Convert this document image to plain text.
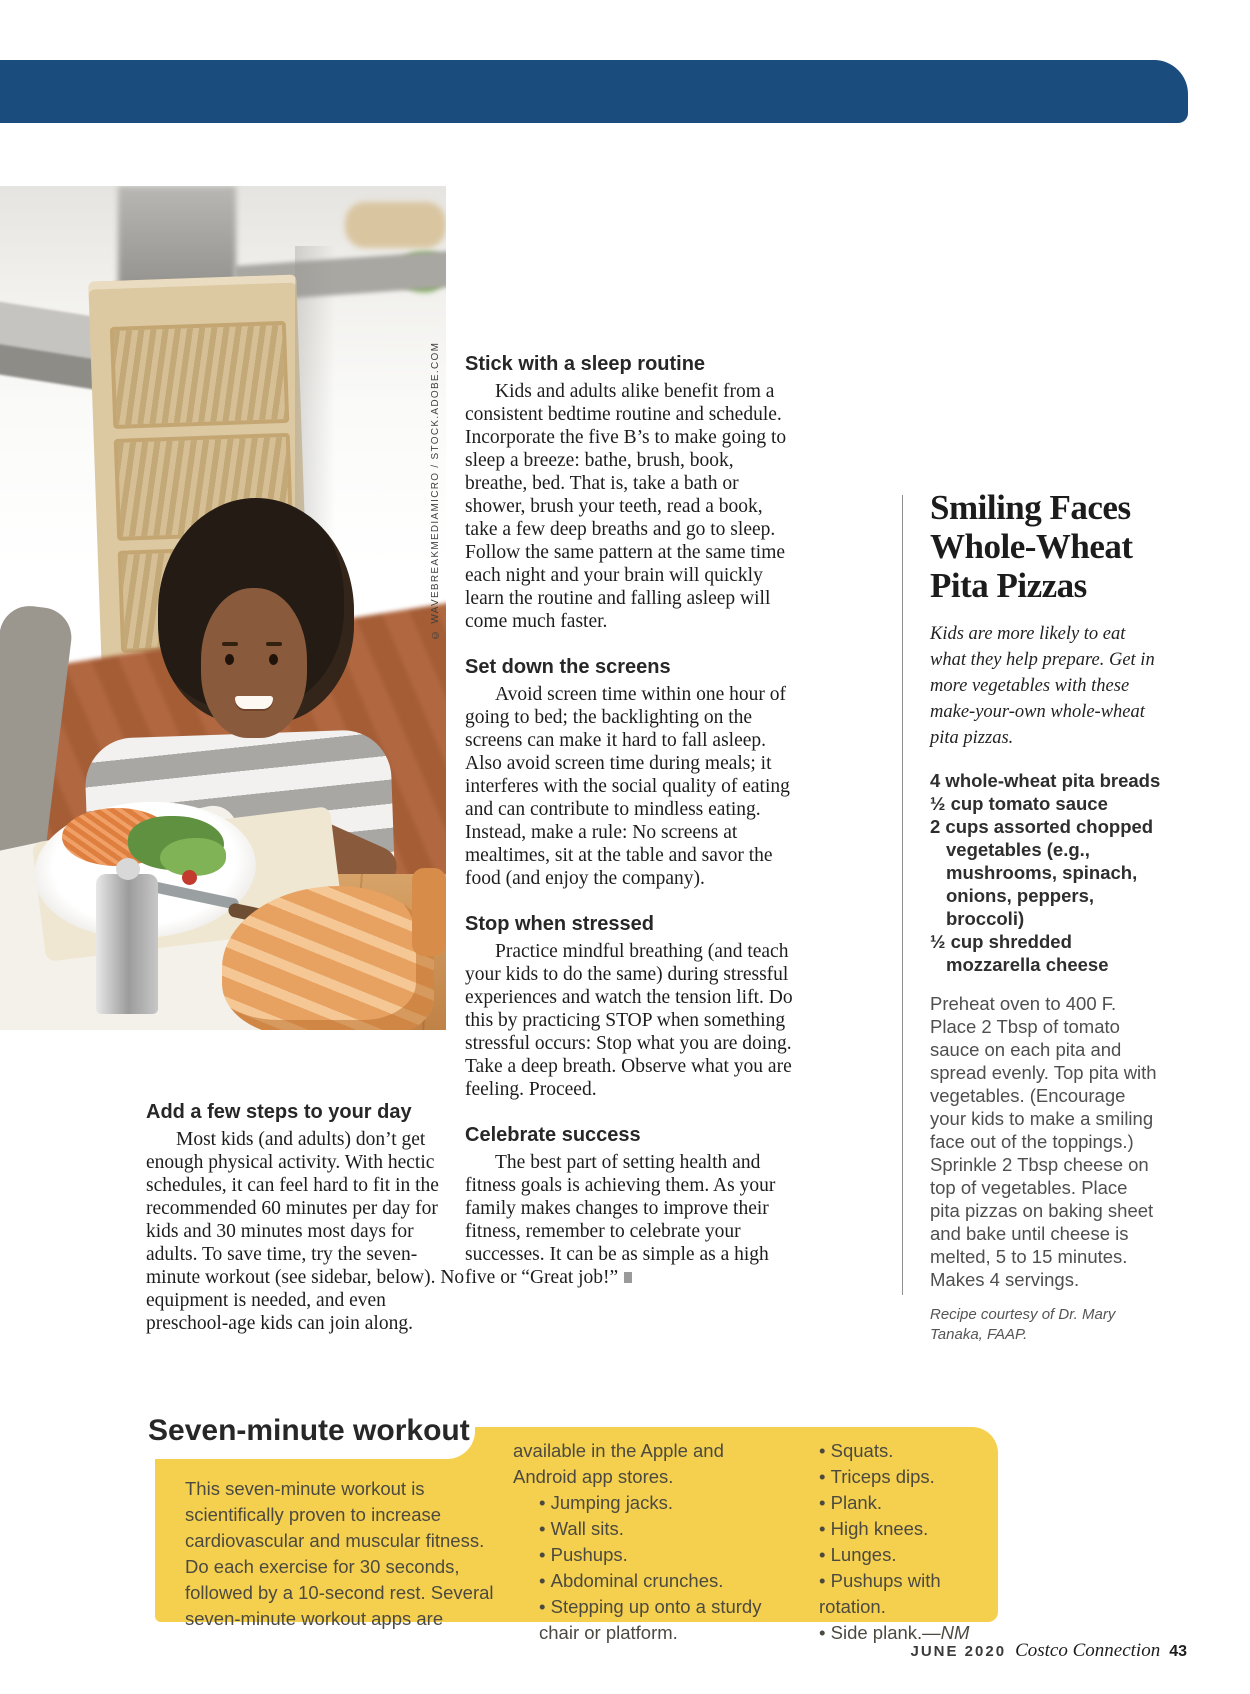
© WAVEBREAKMEDIAMICRO / STOCK.ADOBE.COM Stick with a sleep routine

Kids and adults alike benefit from a consistent bedtime routine and schedule. Incorporate the five B’s to make going to sleep a breeze: bathe, brush, book, breathe, bed. That is, take a bath or shower, brush your teeth, read a book, take a few deep breaths and go to sleep. Follow the same pattern at the same time each night and your brain will quickly learn the routine and falling asleep will come much faster.

Set down the screens

Avoid screen time within one hour of going to bed; the backlighting on the screens can make it hard to fall asleep. Also avoid screen time during meals; it interferes with the social quality of eating and can contribute to mindless eating. Instead, make a rule: No screens at mealtimes, sit at the table and savor the food (and enjoy the company).

Stop when stressed

Practice mindful breathing (and teach your kids to do the same) during stressful experiences and watch the tension lift. Do this by practicing STOP when something stressful occurs: Stop what you are doing. Take a deep breath. Observe what you are feeling. Proceed.

Celebrate success

The best part of setting health and fitness goals is achieving them. As your family makes changes to improve their fitness, remember to celebrate your successes. It can be as simple as a high five or “Great job!”

Add a few steps to your day

Most kids (and adults) don’t get enough physical activity. With hectic schedules, it can feel hard to fit in the recommended 60 minutes per day for kids and 30 minutes most days for adults. To save time, try the seven-minute workout (see sidebar, below). No equipment is needed, and even preschool-age kids can join along.

Smiling Faces Whole-Wheat Pita Pizzas

Kids are more likely to eat what they help prepare. Get in more vegetables with these make-your-own whole-wheat pita pizzas.

4 whole-wheat pita breads
½ cup tomato sauce
2 cups assorted chopped vegetables (e.g., mushrooms, spinach, onions, peppers, broccoli)
½ cup shredded mozzarella cheese

Preheat oven to 400 F. Place 2 Tbsp of tomato sauce on each pita and spread evenly. Top pita with vegetables. (Encourage your kids to make a smiling face out of the toppings.) Sprinkle 2 Tbsp cheese on top of vegetables. Place pita pizzas on baking sheet and bake until cheese is melted, 5 to 15 minutes. Makes 4 servings.

Recipe courtesy of Dr. Mary Tanaka, FAAP.

This seven-minute workout is scientifically proven to increase cardiovascular and muscular fitness. Do each exercise for 30 seconds, followed by a 10-second rest. Several seven-minute workout apps are
available in the Apple and Android app stores.
• Jumping jacks.
• Wall sits.
• Pushups.
• Abdominal crunches.
• Stepping up onto a sturdy chair or platform.
• Squats.
• Triceps dips.
• Plank.
• High knees.
• Lunges.
• Pushups with rotation.
• Side plank.—NM
Seven-minute workout
JUNE 2020 Costco Connection 43
